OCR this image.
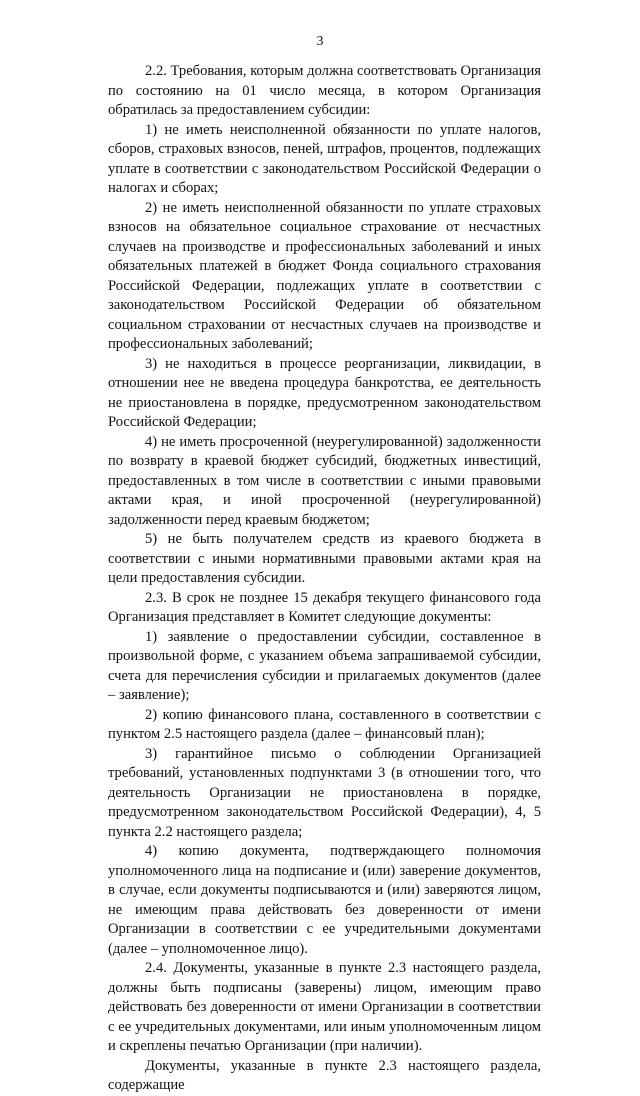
3

2.2. Требования, которым должна соответствовать Организация по состоянию на 01 число месяца, в котором Организация обратилась за предоставлением субсидии:

1) не иметь неисполненной обязанности по уплате налогов, сборов, страховых взносов, пеней, штрафов, процентов, подлежащих уплате в соответствии с законодательством Российской Федерации о налогах и сборах;

2) не иметь неисполненной обязанности по уплате страховых взносов на обязательное социальное страхование от несчастных случаев на производстве и профессиональных заболеваний и иных обязательных платежей в бюджет Фонда социального страхования Российской Федерации, подлежащих уплате в соответствии с законодательством Российской Федерации об обязательном социальном страховании от несчастных случаев на производстве и профессиональных заболеваний;

3) не находиться в процессе реорганизации, ликвидации, в отношении нее не введена процедура банкротства, ее деятельность не приостановлена в порядке, предусмотренном законодательством Российской Федерации;

4) не иметь просроченной (неурегулированной) задолженности по возврату в краевой бюджет субсидий, бюджетных инвестиций, предоставленных в том числе в соответствии с иными правовыми актами края, и иной просроченной (неурегулированной) задолженности перед краевым бюджетом;

5) не быть получателем средств из краевого бюджета в соответствии с иными нормативными правовыми актами края на цели предоставления субсидии.

2.3. В срок не позднее 15 декабря текущего финансового года Организация представляет в Комитет следующие документы:

1) заявление о предоставлении субсидии, составленное в произвольной форме, с указанием объема запрашиваемой субсидии, счета для перечисления субсидии и прилагаемых документов (далее – заявление);

2) копию финансового плана, составленного в соответствии с пунктом 2.5 настоящего раздела (далее – финансовый план);

3) гарантийное письмо о соблюдении Организацией требований, установленных подпунктами 3 (в отношении того, что деятельность Организации не приостановлена в порядке, предусмотренном законодательством Российской Федерации), 4, 5 пункта 2.2 настоящего раздела;

4) копию документа, подтверждающего полномочия уполномоченного лица на подписание и (или) заверение документов, в случае, если документы подписываются и (или) заверяются лицом, не имеющим права действовать без доверенности от имени Организации в соответствии с ее учредительными документами (далее – уполномоченное лицо).

2.4. Документы, указанные в пункте 2.3 настоящего раздела, должны быть подписаны (заверены) лицом, имеющим право действовать без доверенности от имени Организации в соответствии с ее учредительных документами, или иным уполномоченным лицом и скреплены печатью Организации (при наличии).

Документы, указанные в пункте 2.3 настоящего раздела, содержащие
